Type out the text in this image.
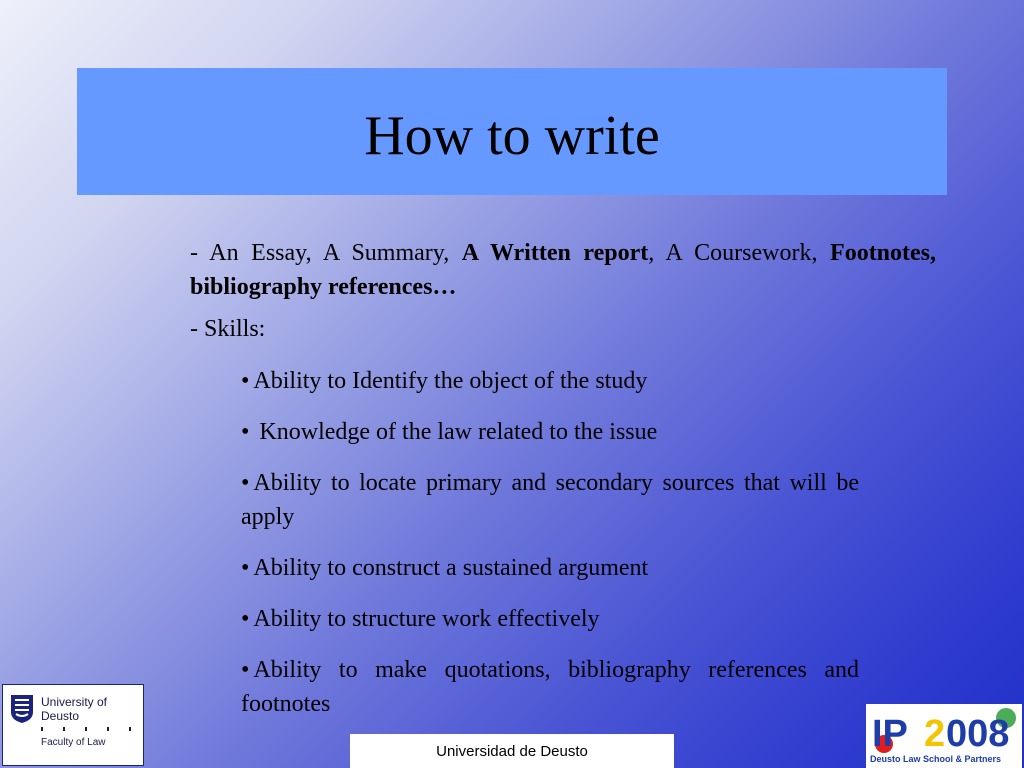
How to write

- An Essay, A Summary, A Written report, A Coursework, Footnotes, bibliography references…

- Skills:

• Ability to Identify the object of the study
• Knowledge of the law related to the issue
• Ability to locate primary and secondary sources that will be apply
• Ability to construct a sustained argument
• Ability to structure work effectively
• Ability to make quotations, bibliography references and footnotes
University of Deusto
Faculty of Law	Universidad de Deusto	IP 2 008
Deusto Law School & Partners
